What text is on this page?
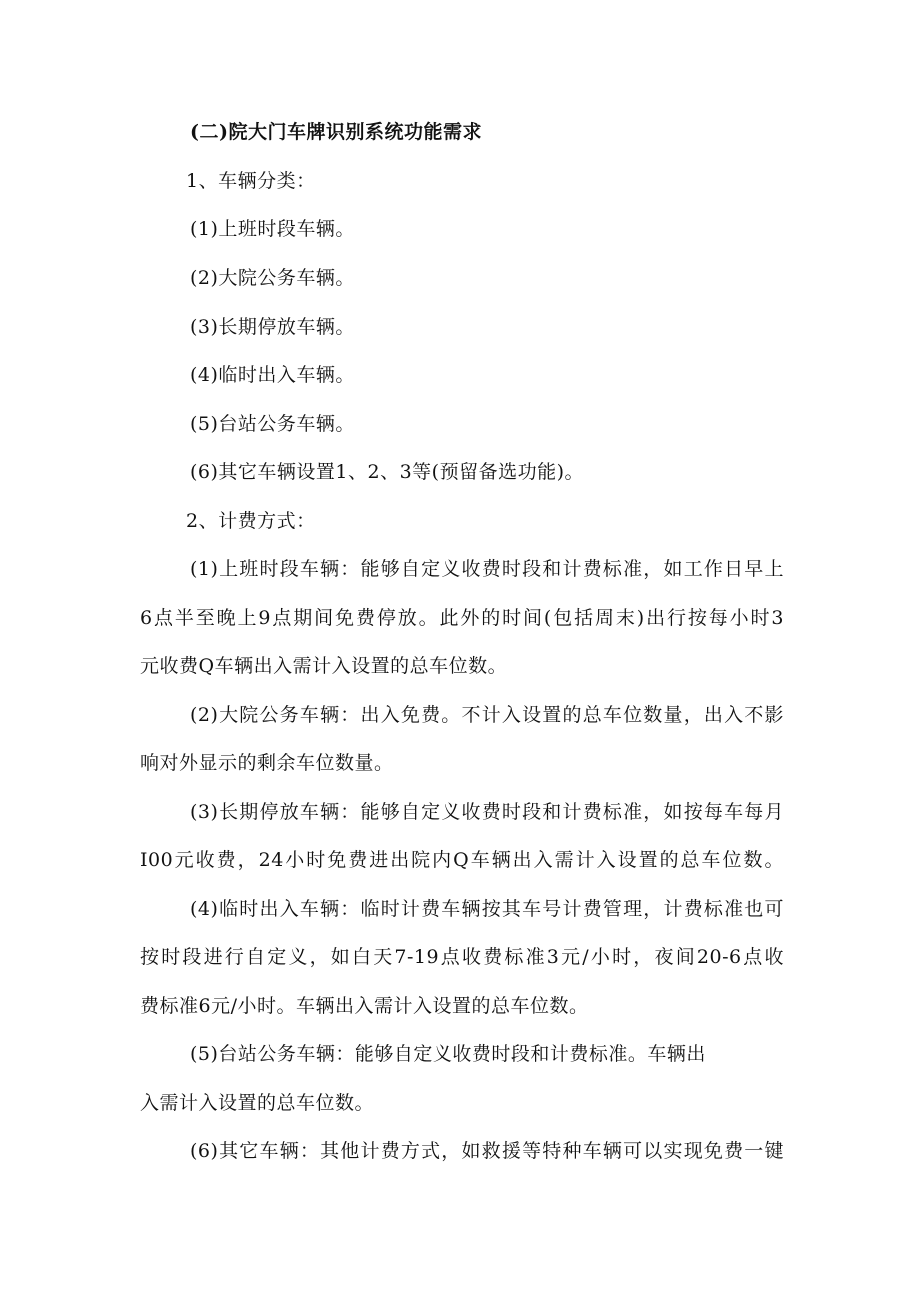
(二)院大门车牌识别系统功能需求
1、车辆分类：
(1)上班时段车辆。
(2)大院公务车辆。
(3)长期停放车辆。
(4)临时出入车辆。
(5)台站公务车辆。
(6)其它车辆设置1、2、3等(预留备选功能)。
2、计费方式：
(1)上班时段车辆：能够自定义收费时段和计费标准，如工作日早上
6点半至晚上9点期间免费停放。此外的时间(包括周末)出行按每小时3
元收费Q车辆出入需计入设置的总车位数。
(2)大院公务车辆：出入免费。不计入设置的总车位数量，出入不影
响对外显示的剩余车位数量。
(3)长期停放车辆：能够自定义收费时段和计费标准，如按每车每月
I00元收费，24小时免费进出院内Q车辆出入需计入设置的总车位数。
(4)临时出入车辆：临时计费车辆按其车号计费管理，计费标准也可
按时段进行自定义，如白天7-19点收费标准3元/小时，夜间20-6点收
费标准6元/小时。车辆出入需计入设置的总车位数。
(5)台站公务车辆：能够自定义收费时段和计费标准。车辆出
入需计入设置的总车位数。
(6)其它车辆：其他计费方式，如救援等特种车辆可以实现免费一键
